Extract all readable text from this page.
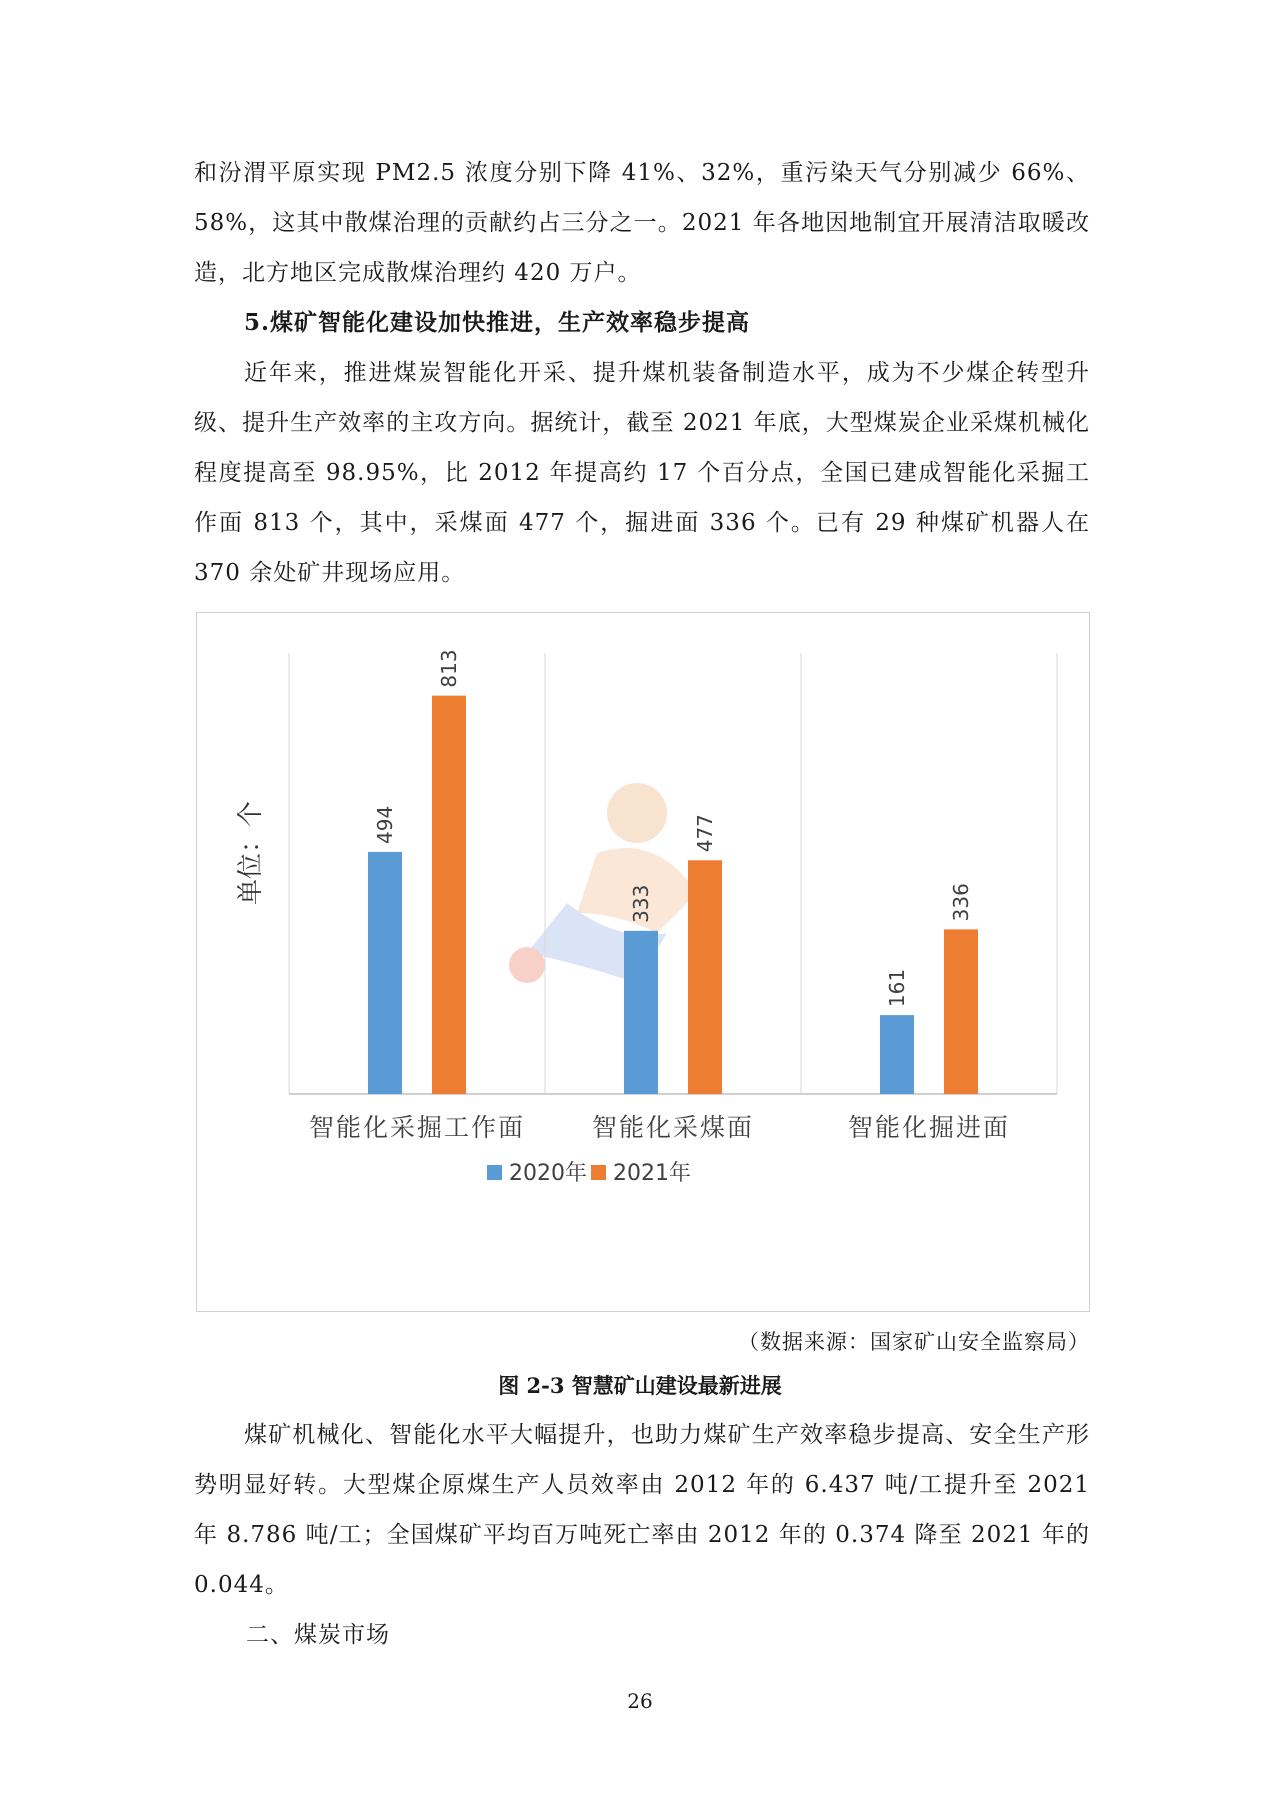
和汾渭平原实现 PM2.5 浓度分别下降 41%、32%，重污染天气分别减少 66%、58%，这其中散煤治理的贡献约占三分之一。2021 年各地因地制宜开展清洁取暖改造，北方地区完成散煤治理约 420 万户。

5.煤矿智能化建设加快推进，生产效率稳步提高

近年来，推进煤炭智能化开采、提升煤机装备制造水平，成为不少煤企转型升级、提升生产效率的主攻方向。据统计，截至 2021 年底，大型煤炭企业采煤机械化程度提高至 98.95%，比 2012 年提高约 17 个百分点，全国已建成智能化采掘工作面 813 个，其中，采煤面 477 个，掘进面 336 个。已有 29 种煤矿机器人在 370 余处矿井现场应用。

494
813
333
477
161
336
智能化采掘工作面	智能化采煤面	智能化掘进面
单位：个
2020年 2021年
（数据来源：国家矿山安全监察局）
图 2-3 智慧矿山建设最新进展

煤矿机械化、智能化水平大幅提升，也助力煤矿生产效率稳步提高、安全生产形势明显好转。大型煤企原煤生产人员效率由 2012 年的 6.437 吨/工提升至 2021 年 8.786 吨/工；全国煤矿平均百万吨死亡率由 2012 年的 0.374 降至 2021 年的 0.044。

二、煤炭市场
26
